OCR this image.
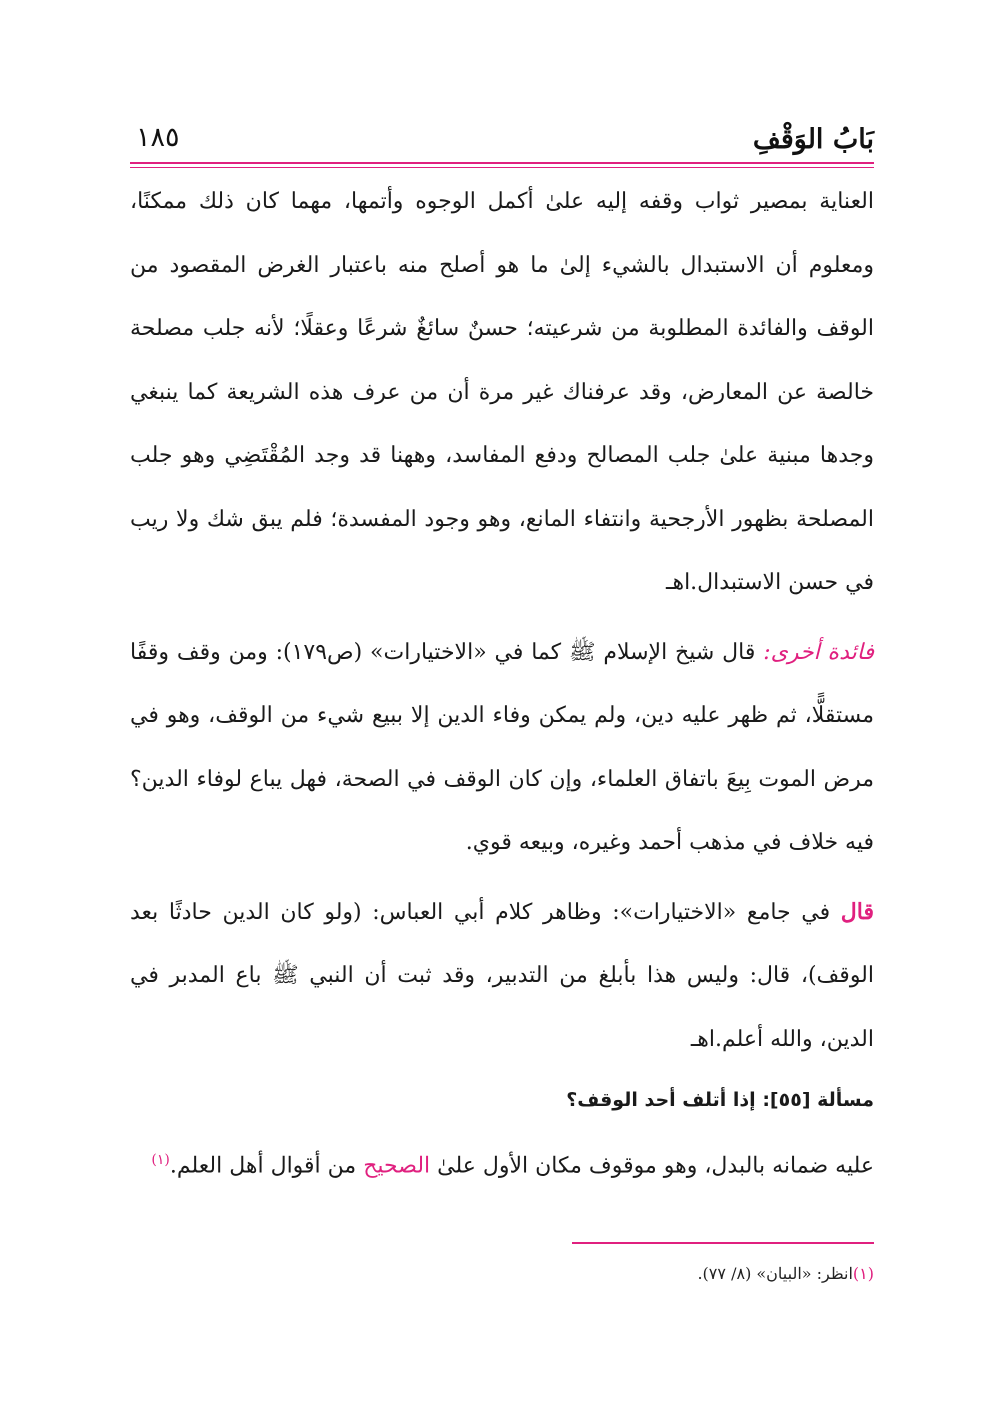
بَابُ الوَقْفِ
١٨٥

العناية بمصير ثواب وقفه إليه علىٰ أكمل الوجوه وأتمها، مهما كان ذلك ممكنًا، ومعلوم أن الاستبدال بالشيء إلىٰ ما هو أصلح منه باعتبار الغرض المقصود من الوقف والفائدة المطلوبة من شرعيته؛ حسنٌ سائغٌ شرعًا وعقلًا؛ لأنه جلب مصلحة خالصة عن المعارض، وقد عرفناك غير مرة أن من عرف هذه الشريعة كما ينبغي وجدها مبنية علىٰ جلب المصالح ودفع المفاسد، وههنا قد وجد المُقْتَضِي وهو جلب المصلحة بظهور الأرجحية وانتفاء المانع، وهو وجود المفسدة؛ فلم يبق شك ولا ريب في حسن الاستبدال.اهـ

فائدة أخرى: قال شيخ الإسلام ﷺ كما في «الاختيارات» (ص١٧٩): ومن وقف وقفًا مستقلًّا، ثم ظهر عليه دين، ولم يمكن وفاء الدين إلا ببيع شيء من الوقف، وهو في مرض الموت بِيعَ باتفاق العلماء، وإن كان الوقف في الصحة، فهل يباع لوفاء الدين؟ فيه خلاف في مذهب أحمد وغيره، وبيعه قوي.

قال في جامع «الاختيارات»: وظاهر كلام أبي العباس: (ولو كان الدين حادثًا بعد الوقف)، قال: وليس هذا بأبلغ من التدبير، وقد ثبت أن النبي ﷺ باع المدبر في الدين، والله أعلم.اهـ

مسألة [٥٥]: إذا أتلف أحد الوقف؟

عليه ضمانه بالبدل، وهو موقوف مكان الأول علىٰ الصحيح من أقوال أهل العلم.$^{(١)}$

(١)انظر: «البيان» (٨/ ٧٧).
